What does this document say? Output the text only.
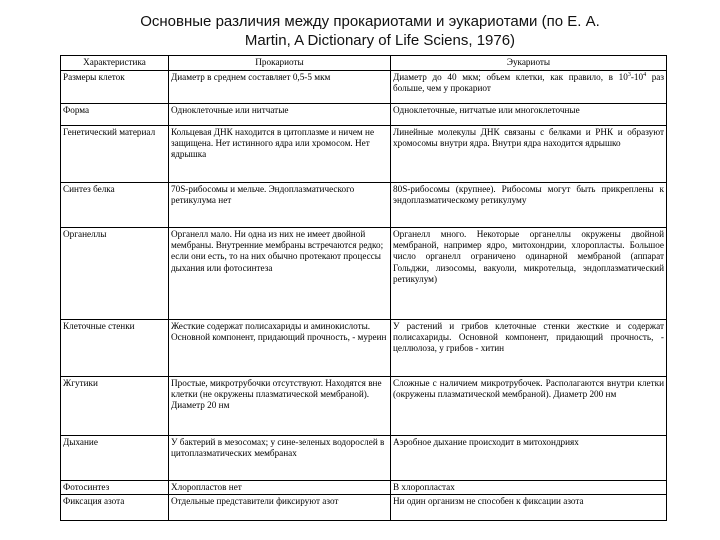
Основные различия между прокариотами и эукариотами (по Е. А.
Martin, A Dictionary of Life Sciens, 1976)
Характеристика	Прокариоты	Эукариоты
Размеры клеток	Диаметр в среднем составляет 0,5-5 мкм	Диаметр до 40 мкм; объем клетки, как правило, в $10^3-10^4$ раз больше, чем у прокариот
Форма	Одноклеточные или нитчатые	Одноклеточные, нитчатые или многоклеточные
Генетический материал	Кольцевая ДНК находится в цитоплазме и ничем не защищена. Нет истинного ядра или хромосом. Нет ядрышка	Линейные молекулы ДНК связаны с белками и РНК и образуют хромосомы внутри ядра. Внутри ядра находится ядрышко
Синтез белка	70S-рибосомы и мельче. Эндоплазматического ретикулума нет	80S-рибосомы (крупнее). Рибосомы могут быть прикреплены к эндоплазматическому ретикулуму
Органеллы	Органелл мало. Ни одна из них не имеет двойной мембраны. Внутренние мембраны встречаются редко; если они есть, то на них обычно протекают процессы дыхания или фотосинтеза	Органелл много. Некоторые органеллы окружены двойной мембраной, например ядро, митохондрии, хлоропласты. Большое число органелл ограничено одинарной мембраной (аппарат Гольджи, лизосомы, вакуоли, микротельца, эндоплазматический ретикулум)
Клеточные стенки	Жесткие содержат полисахариды и аминокислоты. Основной компонент, придающий прочность, - муреин	У растений и грибов клеточные стенки жесткие и содержат полисахариды. Основной компонент, придающий прочность, - целлюлоза, у грибов - хитин
Жгутики	Простые, микротрубочки отсутствуют. Находятся вне клетки (не окружены плазматической мембраной). Диаметр 20 нм	Сложные с наличием микротрубочек. Располагаются внутри клетки (окружены плазматической мембраной). Диаметр 200 нм
Дыхание	У бактерий в мезосомах; у сине-зеленых водорослей в цитоплазматических мембранах	Аэробное дыхание происходит в митохондриях
Фотосинтез	Хлоропластов нет	В хлоропластах
Фиксация азота	Отдельные представители фиксируют азот	Ни один организм не способен к фиксации азота
